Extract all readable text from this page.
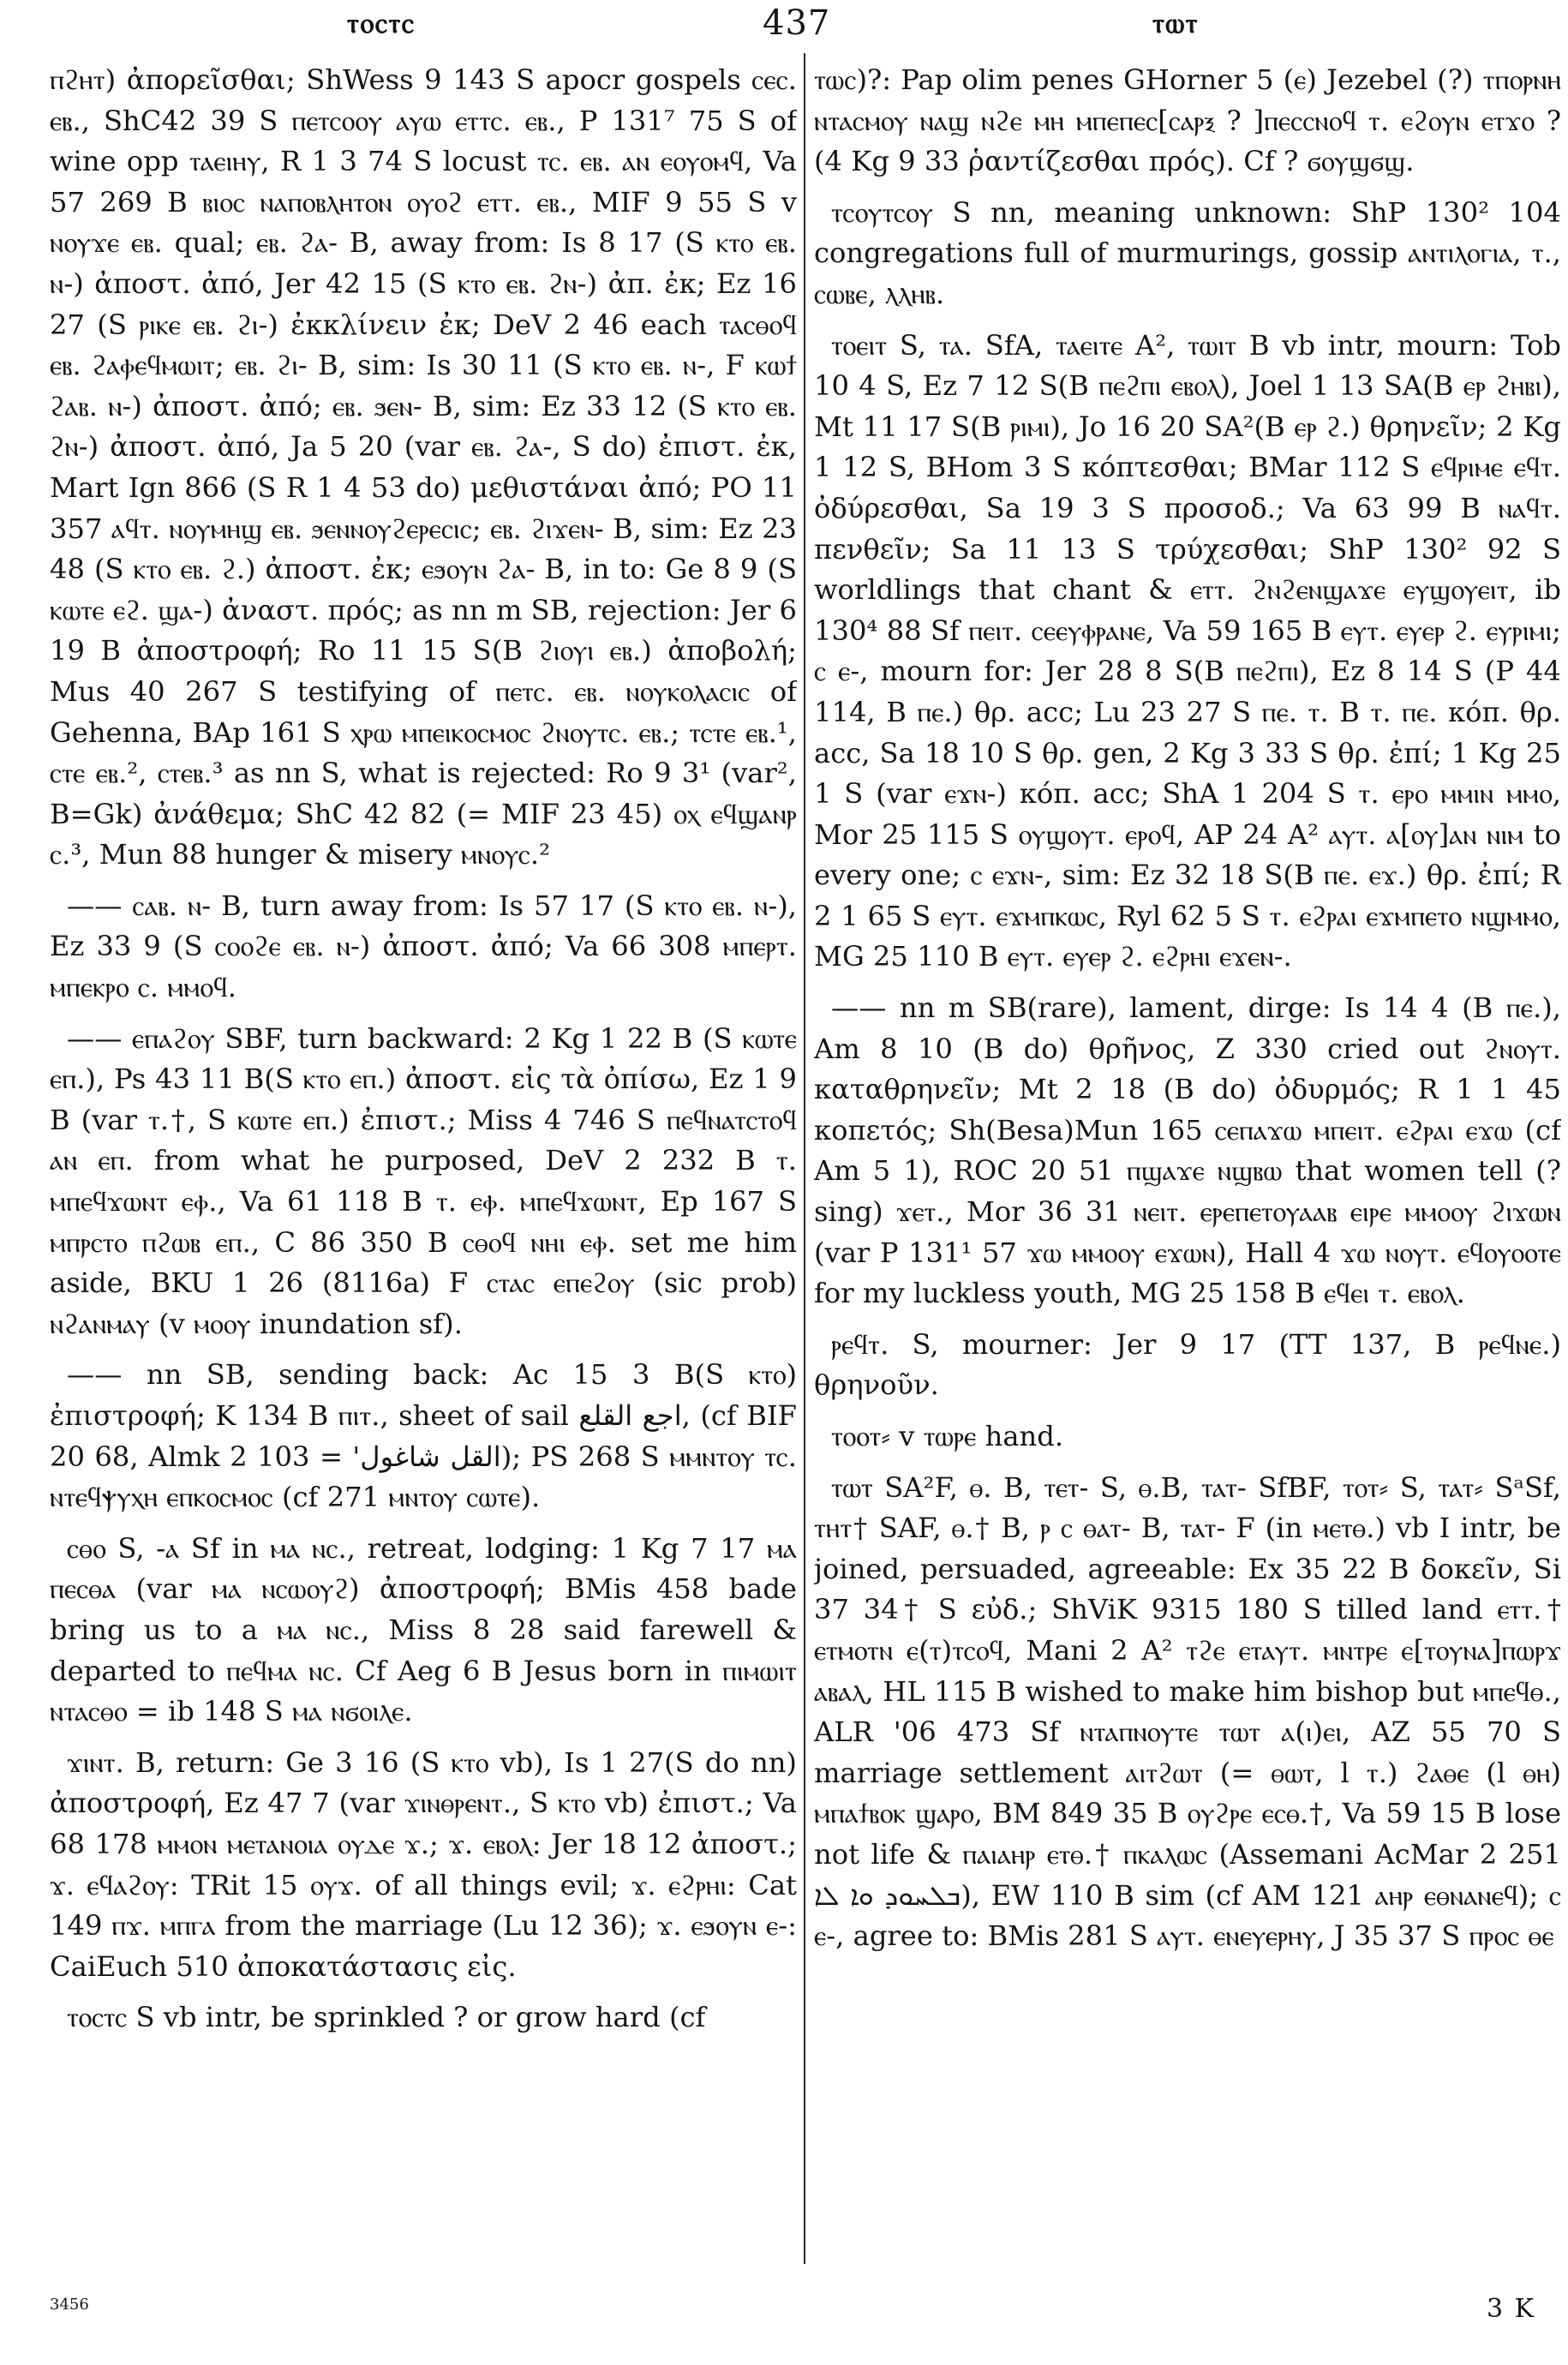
ⲧⲟⲥⲧⲥ	437	ⲧⲱⲧ

ⲡϩⲏⲧ) ἀπορεῖσθαι; ShWess 9 143 S apocr gospels ⲥⲉⲥ. ⲉⲃ., ShC42 39 S ⲡⲉⲧⲥⲟⲟⲩ ⲁⲩⲱ ⲉⲧⲧⲥ. ⲉⲃ., P 131⁷ 75 S of wine opp ⲧⲁⲉⲓⲏⲩ, R 1 3 74 S locust ⲧⲥ. ⲉⲃ. ⲁⲛ ⲉⲟⲩⲟⲙϥ, Va 57 269 B ⲃⲓⲟⲥ ⲛⲁⲡⲟⲃⲗⲏⲧⲟⲛ ⲟⲩⲟϩ ⲉⲧⲧ. ⲉⲃ., MIF 9 55 S v ⲛⲟⲩϫⲉ ⲉⲃ. qual; ⲉⲃ. ϩⲁ- B, away from: Is 8 17 (S ⲕⲧⲟ ⲉⲃ. ⲛ-) ἀποστ. ἀπό, Jer 42 15 (S ⲕⲧⲟ ⲉⲃ. ϩⲛ-) ἀπ. ἐκ; Ez 16 27 (S ⲣⲓⲕⲉ ⲉⲃ. ϩⲓ-) ἐκκλίνειν ἐκ; DeV 2 46 each ⲧⲁⲥⲑⲟϥ ⲉⲃ. ϩⲁⲫⲉϥⲙⲱⲓⲧ; ⲉⲃ. ϩⲓ- B, sim: Is 30 11 (S ⲕⲧⲟ ⲉⲃ. ⲛ-, F ⲕⲱϯ ϩⲁⲃ. ⲛ-) ἀποστ. ἀπό; ⲉⲃ. ϧⲉⲛ- B, sim: Ez 33 12 (S ⲕⲧⲟ ⲉⲃ. ϩⲛ-) ἀποστ. ἀπό, Ja 5 20 (var ⲉⲃ. ϩⲁ-, S do) ἐπιστ. ἐκ, Mart Ign 866 (S R 1 4 53 do) μεθιστάναι ἀπό; PO 11 357 ⲁϥⲧ. ⲛⲟⲩⲙⲏϣ ⲉⲃ. ϧⲉⲛⲛⲟⲩϩⲉⲣⲉⲥⲓⲥ; ⲉⲃ. ϩⲓϫⲉⲛ- B, sim: Ez 23 48 (S ⲕⲧⲟ ⲉⲃ. ϩ.) ἀποστ. ἐκ; ⲉϧⲟⲩⲛ ϩⲁ- B, in to: Ge 8 9 (S ⲕⲱⲧⲉ ⲉϩ. ϣⲁ-) ἀναστ. πρός; as nn m SB, rejection: Jer 6 19 B ἀποστροφή; Ro 11 15 S(B ϩⲓⲟⲩⲓ ⲉⲃ.) ἀποβολή; Mus 40 267 S testifying of ⲡⲉⲧⲥ. ⲉⲃ. ⲛⲟⲩⲕⲟⲗⲁⲥⲓⲥ of Gehenna, BAp 161 S ⲭⲣⲱ ⲙⲡⲉⲓⲕⲟⲥⲙⲟⲥ ϩⲛⲟⲩⲧⲥ. ⲉⲃ.; ⲧⲥⲧⲉ ⲉⲃ.¹, ⲥⲧⲉ ⲉⲃ.², ⲥⲧⲉⲃ.³ as nn S, what is rejected: Ro 9 3¹ (var², B=Gk) ἀνάθεμα; ShC 42 82 (= MIF 23 45) ⲟⲭ ⲉϥϣⲁⲛⲣ ⲥ.³, Mun 88 hunger & misery ⲙⲛⲟⲩⲥ.²

—— ⲥⲁⲃ. ⲛ- B, turn away from: Is 57 17 (S ⲕⲧⲟ ⲉⲃ. ⲛ-), Ez 33 9 (S ⲥⲟⲟϩⲉ ⲉⲃ. ⲛ-) ἀποστ. ἀπό; Va 66 308 ⲙⲡⲉⲣⲧ. ⲙⲡⲉⲕⲣⲟ ⲥ. ⲙⲙⲟϥ.

—— ⲉⲡⲁϩⲟⲩ SBF, turn backward: 2 Kg 1 22 B (S ⲕⲱⲧⲉ ⲉⲡ.), Ps 43 11 B(S ⲕⲧⲟ ⲉⲡ.) ἀποστ. εἰς τὰ ὀπίσω, Ez 1 9 B (var ⲧ.†, S ⲕⲱⲧⲉ ⲉⲡ.) ἐπιστ.; Miss 4 746 S ⲡⲉϥⲛⲁⲧⲥⲧⲟϥ ⲁⲛ ⲉⲡ. from what he purposed, DeV 2 232 B ⲧ. ⲙⲡⲉϥϫⲱⲛⲧ ⲉⲫ., Va 61 118 B ⲧ. ⲉⲫ. ⲙⲡⲉϥϫⲱⲛⲧ, Ep 167 S ⲙⲡⲣⲥⲧⲟ ⲡϩⲱⲃ ⲉⲡ., C 86 350 B ⲥⲑⲟϥ ⲛⲏⲓ ⲉⲫ. set me him aside, BKU 1 26 (8116a) F ⲥⲧⲁⲥ ⲉⲡⲉϩⲟⲩ (sic prob) ⲛϩⲁⲛⲙⲁⲩ (v ⲙⲟⲟⲩ inundation sf).

—— nn SB, sending back: Ac 15 3 B(S ⲕⲧⲟ) ἐπιστροφή; K 134 B ⲡⲓⲧ., sheet of sail اجع القلع, (cf BIF 20 68, Almk 2 103 = 'القل شاغول); PS 268 S ⲙⲙⲛⲧⲟⲩ ⲧⲥ. ⲛⲧⲉϥⲯⲩⲭⲏ ⲉⲡⲕⲟⲥⲙⲟⲥ (cf 271 ⲙⲛⲧⲟⲩ ⲥⲱⲧⲉ).

ⲥⲑⲟ S, -ⲁ Sf in ⲙⲁ ⲛⲥ., retreat, lodging: 1 Kg 7 17 ⲙⲁ ⲡⲉⲥⲑⲁ (var ⲙⲁ ⲛⲥⲱⲟⲩϩ) ἀποστροφή; BMis 458 bade bring us to a ⲙⲁ ⲛⲥ., Miss 8 28 said farewell & departed to ⲡⲉϥⲙⲁ ⲛⲥ. Cf Aeg 6 B Jesus born in ⲡⲓⲙⲱⲓⲧ ⲛⲧⲁⲥⲑⲟ = ib 148 S ⲙⲁ ⲛϭⲟⲓⲗⲉ.

ϫⲓⲛⲧ. B, return: Ge 3 16 (S ⲕⲧⲟ vb), Is 1 27(S do nn) ἀποστροφή, Ez 47 7 (var ϫⲓⲛⲑⲣⲉⲛⲧ., S ⲕⲧⲟ vb) ἐπιστ.; Va 68 178 ⲙⲙⲟⲛ ⲙⲉⲧⲁⲛⲟⲓⲁ ⲟⲩⲇⲉ ϫ.; ϫ. ⲉⲃⲟⲗ: Jer 18 12 ἀποστ.; ϫ. ⲉϥⲁϩⲟⲩ: TRit 15 ⲟⲩϫ. of all things evil; ϫ. ⲉϩⲣⲏⲓ: Cat 149 ⲡϫ. ⲙⲡⲅⲁ from the marriage (Lu 12 36); ϫ. ⲉϧⲟⲩⲛ ⲉ-: CaiEuch 510 ἀποκατάστασις εἰς.

ⲧⲟⲥⲧⲥ S vb intr, be sprinkled ? or grow hard (cf

ⲧⲱⲥ)?: Pap olim penes GHorner 5 (ⲉ) Jezebel (?) ⲧⲡⲟⲣⲛⲏ ⲛⲧⲁⲥⲙⲟⲩ ⲛⲁϣ ⲛϩⲉ ⲙⲏ ⲙⲡⲉⲡⲉⲥ[ⲥⲁⲣⲝ ? ]ⲡⲉⲥⲥⲛⲟϥ ⲧ. ⲉϩⲟⲩⲛ ⲉⲧϫⲟ ? (4 Kg 9 33 ῥαντίζεσθαι πρός). Cf ? ϭⲟⲩϣϭϣ.

ⲧⲥⲟⲩⲧⲥⲟⲩ S nn, meaning unknown: ShP 130² 104 congregations full of murmurings, gossip ⲁⲛⲧⲓⲗⲟⲅⲓⲁ, ⲧ., ⲥⲱⲃⲉ, ⲗⲗⲏⲃ.

ⲧⲟⲉⲓⲧ S, ⲧⲁ. SfA, ⲧⲁⲉⲓⲧⲉ A², ⲧⲱⲓⲧ B vb intr, mourn: Tob 10 4 S, Ez 7 12 S(B ⲡⲉϩⲡⲓ ⲉⲃⲟⲗ), Joel 1 13 SA(B ⲉⲣ ϩⲏⲃⲓ), Mt 11 17 S(B ⲣⲓⲙⲓ), Jo 16 20 SA²(B ⲉⲣ ϩ.) θρηνεῖν; 2 Kg 1 12 S, BHom 3 S κόπτεσθαι; BMar 112 S ⲉϥⲣⲓⲙⲉ ⲉϥⲧ. ὀδύρεσθαι, Sa 19 3 S προσοδ.; Va 63 99 B ⲛⲁϥⲧ. πενθεῖν; Sa 11 13 S τρύχεσθαι; ShP 130² 92 S worldlings that chant & ⲉⲧⲧ. ϩⲛϩⲉⲛϣⲁϫⲉ ⲉⲩϣⲟⲩⲉⲓⲧ, ib 130⁴ 88 Sf ⲡⲉⲓⲧ. ⲥⲉⲉⲩⲫⲣⲁⲛⲉ, Va 59 165 B ⲉⲩⲧ. ⲉⲩⲉⲣ ϩ. ⲉⲩⲣⲓⲙⲓ; ⲥ ⲉ-, mourn for: Jer 28 8 S(B ⲡⲉϩⲡⲓ), Ez 8 14 S (P 44 114, B ⲡⲉ.) θρ. acc; Lu 23 27 S ⲡⲉ. ⲧ. B ⲧ. ⲡⲉ. κόπ. θρ. acc, Sa 18 10 S θρ. gen, 2 Kg 3 33 S θρ. ἐπί; 1 Kg 25 1 S (var ⲉϫⲛ-) κόπ. acc; ShA 1 204 S ⲧ. ⲉⲣⲟ ⲙⲙⲓⲛ ⲙⲙⲟ, Mor 25 115 S ⲟⲩϣⲟⲩⲧ. ⲉⲣⲟϥ, AP 24 A² ⲁⲩⲧ. ⲁ[ⲟⲩ]ⲁⲛ ⲛⲓⲙ to every one; ⲥ ⲉϫⲛ-, sim: Ez 32 18 S(B ⲡⲉ. ⲉϫ.) θρ. ἐπί; R 2 1 65 S ⲉⲩⲧ. ⲉϫⲙⲡⲕⲱⲥ, Ryl 62 5 S ⲧ. ⲉϩⲣⲁⲓ ⲉϫⲙⲡⲉⲧⲟ ⲛϣⲙⲙⲟ, MG 25 110 B ⲉⲩⲧ. ⲉⲩⲉⲣ ϩ. ⲉϩⲣⲏⲓ ⲉϫⲉⲛ-.

—— nn m SB(rare), lament, dirge: Is 14 4 (B ⲡⲉ.), Am 8 10 (B do) θρῆνος, Z 330 cried out ϩⲛⲟⲩⲧ. καταθρηνεῖν; Mt 2 18 (B do) ὀδυρμός; R 1 1 45 κοπετός; Sh(Besa)Mun 165 ⲥⲉⲡⲁϫⲱ ⲙⲡⲉⲓⲧ. ⲉϩⲣⲁⲓ ⲉϫⲱ (cf Am 5 1), ROC 20 51 ⲡϣⲁϫⲉ ⲛϣⲃⲱ that women tell (? sing) ϫⲉⲧ., Mor 36 31 ⲛⲉⲓⲧ. ⲉⲣⲉⲡⲉⲧⲟⲩⲁⲁⲃ ⲉⲓⲣⲉ ⲙⲙⲟⲟⲩ ϩⲓϫⲱⲛ (var P 131¹ 57 ϫⲱ ⲙⲙⲟⲟⲩ ⲉϫⲱⲛ), Hall 4 ϫⲱ ⲛⲟⲩⲧ. ⲉϥⲟⲩⲟⲟⲧⲉ for my luckless youth, MG 25 158 B ⲉϥⲉⲓ ⲧ. ⲉⲃⲟⲗ.

ⲣⲉϥⲧ. S, mourner: Jer 9 17 (TT 137, B ⲣⲉϥⲛⲉ.) θρηνοῦν.

ⲧⲟⲟⲧ⸗ v ⲧⲱⲣⲉ hand.

ⲧⲱⲧ SA²F, ⲑ. B, ⲧⲉⲧ- S, ⲑ.B, ⲧⲁⲧ- SfBF, ⲧⲟⲧ⸗ S, ⲧⲁⲧ⸗ SᵃSf, ⲧⲏⲧ† SAF, ⲑ.† B, ⲣ ⲥ ⲑⲁⲧ- B, ⲧⲁⲧ- F (in ⲙⲉⲧⲑ.) vb I intr, be joined, persuaded, agreeable: Ex 35 22 B δοκεῖν, Si 37 34† S εὐδ.; ShViK 9315 180 S tilled land ⲉⲧⲧ.† ⲉⲧⲙⲟⲧⲛ ⲉ(ⲧ)ⲧⲥⲟϥ, Mani 2 A² ⲧϩⲉ ⲉⲧⲁⲩⲧ. ⲙⲛⲧⲣⲉ ⲉ[ⲧⲟⲩⲛⲁ]ⲡⲱⲣϫ ⲁⲃⲁⲗ, HL 115 B wished to make him bishop but ⲙⲡⲉϥⲑ., ALR '06 473 Sf ⲛⲧⲁⲡⲛⲟⲩⲧⲉ ⲧⲱⲧ ⲁ(ⲓ)ⲉⲓ, AZ 55 70 S marriage settlement ⲁⲓⲧϩⲱⲧ (= ⲑⲱⲧ, l ⲧ.) ϩⲁⲑⲉ (l ⲑⲏ) ⲙⲡⲁϯⲃⲟⲕ ϣⲁⲣⲟ, BM 849 35 B ⲟⲩϩⲣⲉ ⲉⲥⲑ.†, Va 59 15 B lose not life & ⲡⲁⲓⲁⲏⲣ ⲉⲧⲑ.† ⲡⲕⲁⲗⲱⲥ (Assemani AcMar 2 251 ܒܠܚܘܕ ܘܐ ܠܐ), EW 110 B sim (cf AM 121 ⲁⲏⲣ ⲉⲑⲛⲁⲛⲉϥ); ⲥ ⲉ-, agree to: BMis 281 S ⲁⲩⲧ. ⲉⲛⲉⲩⲉⲣⲏⲩ, J 35 37 S ⲡⲣⲟⲥ ⲑⲉ

3456	3 K
